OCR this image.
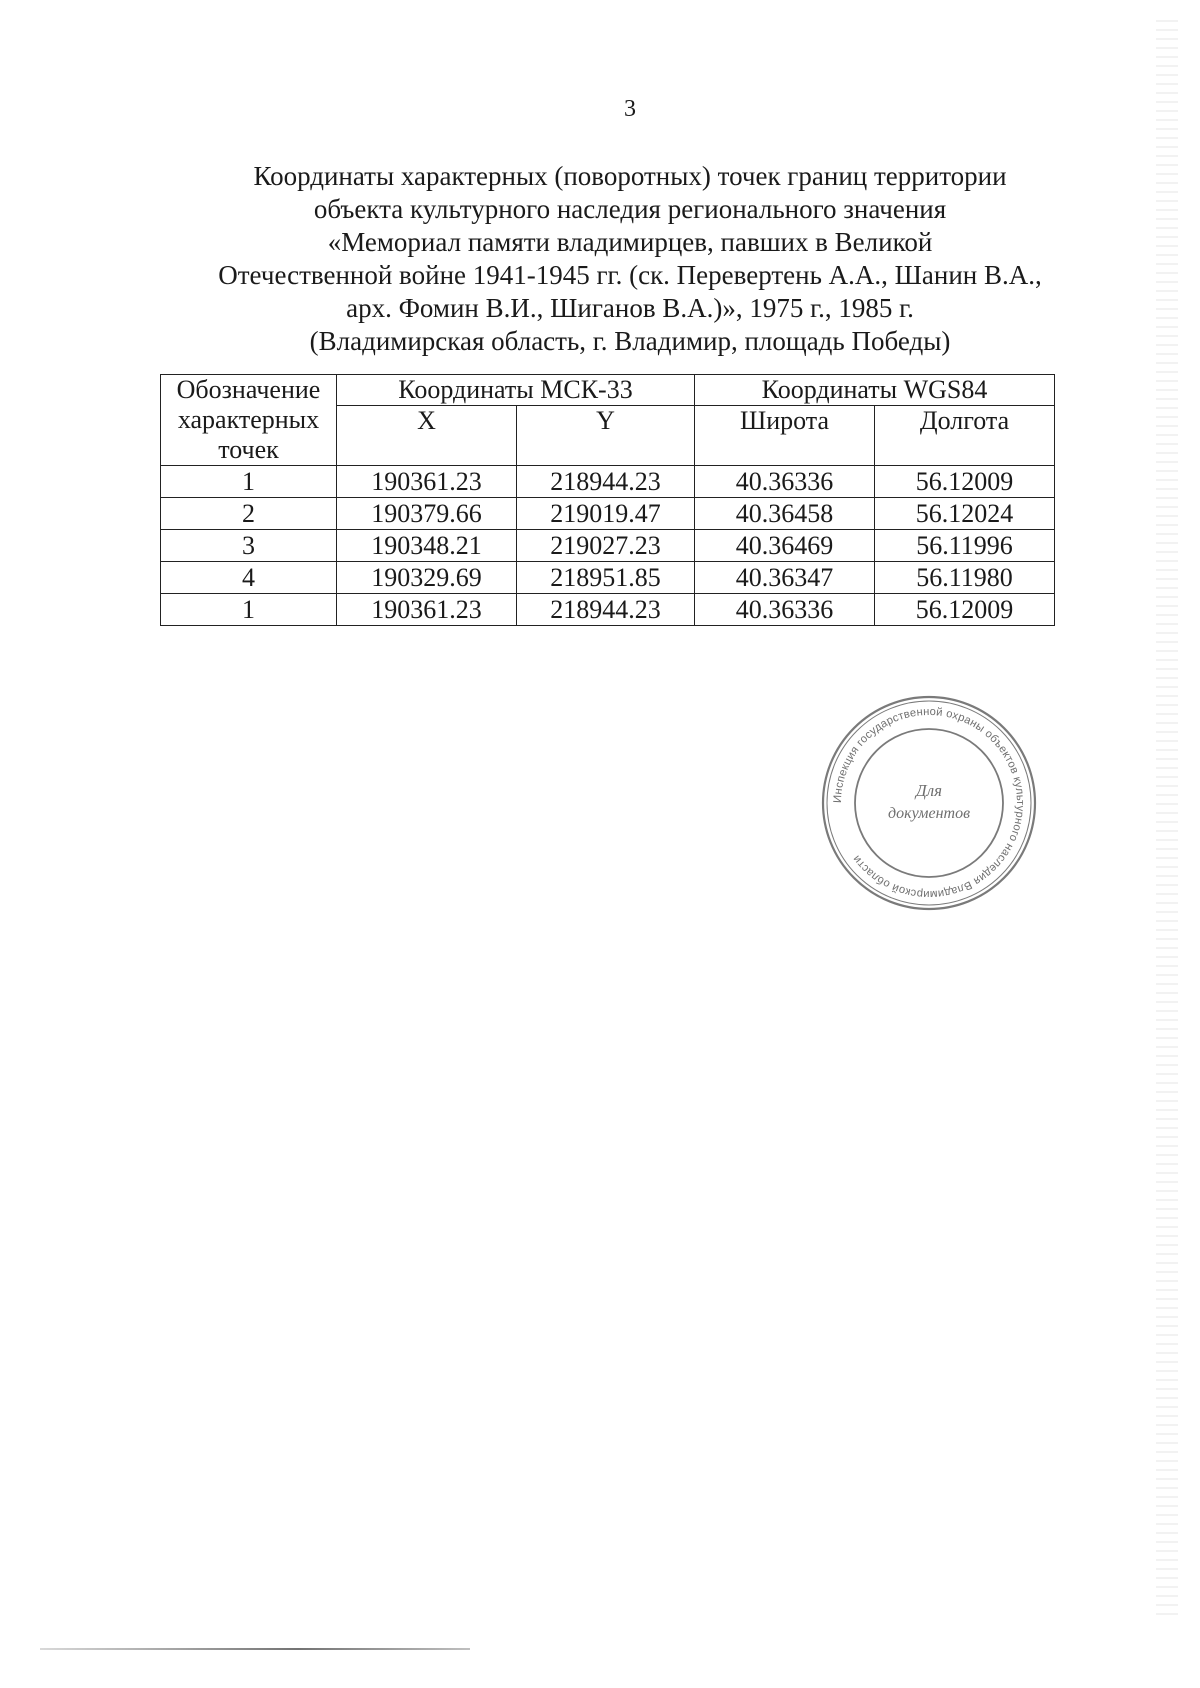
3
Координаты характерных (поворотных) точек границ территории
объекта культурного наследия регионального значения
«Мемориал памяти владимирцев, павших в Великой
Отечественной войне 1941-1945 гг. (ск. Перевертень А.А., Шанин В.А.,
арх. Фомин В.И., Шиганов В.А.)», 1975 г., 1985 г.
(Владимирская область, г. Владимир, площадь Победы)
Обозначение характерных точек	Координаты МСК-33		Координаты WGS84	
	X	Y	Широта	Долгота
1	190361.23	218944.23	40.36336	56.12009
2	190379.66	219019.47	40.36458	56.12024
3	190348.21	219027.23	40.36469	56.11996
4	190329.69	218951.85	40.36347	56.11980
1	190361.23	218944.23	40.36336	56.12009
Инспекция государственной охраны объектов культурного наследия Владимирской области
Для
документов
